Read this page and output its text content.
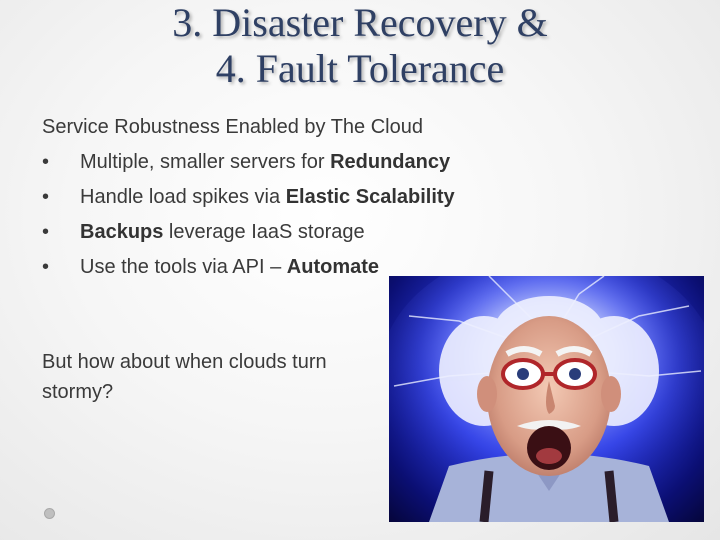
3. Disaster Recovery &
4. Fault Tolerance
Service Robustness Enabled by The Cloud
•	Multiple, smaller servers for Redundancy
•	Handle load spikes via Elastic Scalability
•	Backups leverage IaaS storage
•	Use the tools via API – Automate
But how about when clouds turn stormy?
